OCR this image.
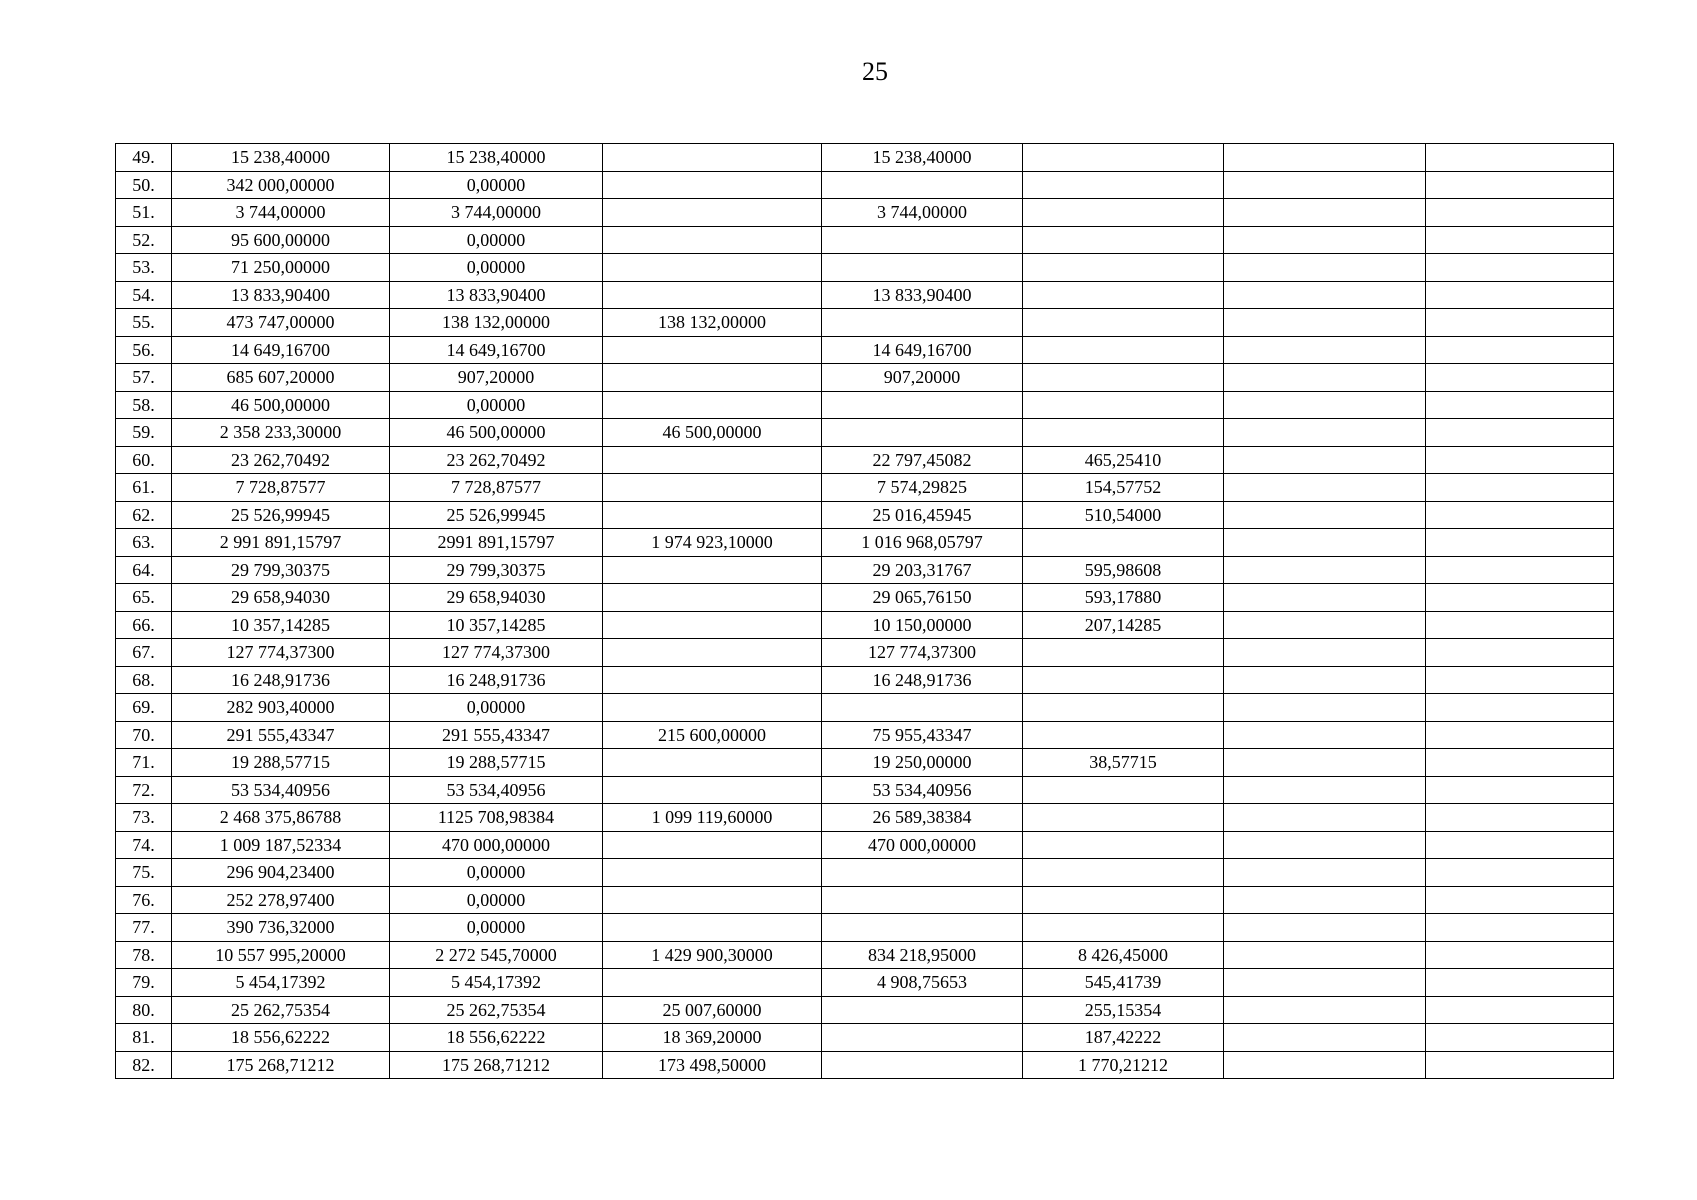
25
49.	15 238,40000	15 238,40000		15 238,40000			
50.	342 000,00000	0,00000					
51.	3 744,00000	3 744,00000		3 744,00000			
52.	95 600,00000	0,00000					
53.	71 250,00000	0,00000					
54.	13 833,90400	13 833,90400		13 833,90400			
55.	473 747,00000	138 132,00000	138 132,00000				
56.	14 649,16700	14 649,16700		14 649,16700			
57.	685 607,20000	907,20000		907,20000			
58.	46 500,00000	0,00000					
59.	2 358 233,30000	46 500,00000	46 500,00000				
60.	23 262,70492	23 262,70492		22 797,45082	465,25410		
61.	7 728,87577	7 728,87577		7 574,29825	154,57752		
62.	25 526,99945	25 526,99945		25 016,45945	510,54000		
63.	2 991 891,15797	2991 891,15797	1 974 923,10000	1 016 968,05797			
64.	29 799,30375	29 799,30375		29 203,31767	595,98608		
65.	29 658,94030	29 658,94030		29 065,76150	593,17880		
66.	10 357,14285	10 357,14285		10 150,00000	207,14285		
67.	127 774,37300	127 774,37300		127 774,37300			
68.	16 248,91736	16 248,91736		16 248,91736			
69.	282 903,40000	0,00000					
70.	291 555,43347	291 555,43347	215 600,00000	75 955,43347			
71.	19 288,57715	19 288,57715		19 250,00000	38,57715		
72.	53 534,40956	53 534,40956		53 534,40956			
73.	2 468 375,86788	1125 708,98384	1 099 119,60000	26 589,38384			
74.	1 009 187,52334	470 000,00000		470 000,00000			
75.	296 904,23400	0,00000					
76.	252 278,97400	0,00000					
77.	390 736,32000	0,00000					
78.	10 557 995,20000	2 272 545,70000	1 429 900,30000	834 218,95000	8 426,45000		
79.	5 454,17392	5 454,17392		4 908,75653	545,41739		
80.	25 262,75354	25 262,75354	25 007,60000		255,15354		
81.	18 556,62222	18 556,62222	18 369,20000		187,42222		
82.	175 268,71212	175 268,71212	173 498,50000		1 770,21212		
